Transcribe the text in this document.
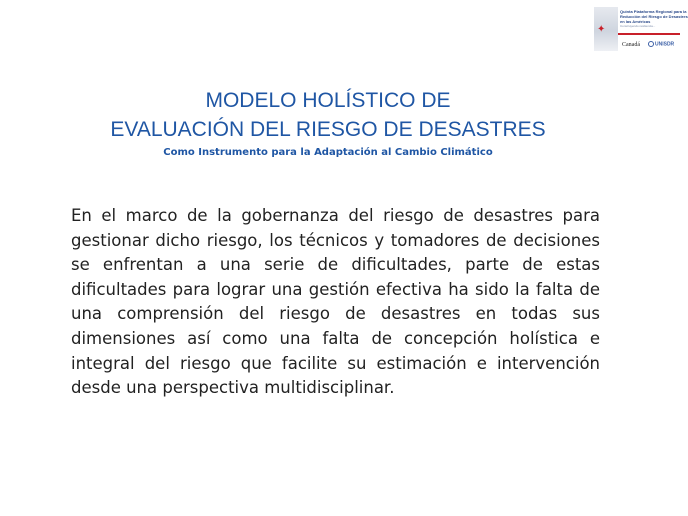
✦
Quinta Plataforma Regional para la
Reducción del Riesgo de Desastres
en las Américas
Construyendo resiliencia...
Canadá	UNISDR
MODELO HOLÍSTICO DE
EVALUACIÓN DEL RIESGO DE DESASTRES
Como Instrumento para la Adaptación al Cambio Climático

En el marco de la gobernanza del riesgo de desastres para gestionar dicho riesgo, los técnicos y tomadores de decisiones se enfrentan a una serie de dificultades, parte de estas dificultades para lograr una gestión efectiva ha sido la falta de una comprensión del riesgo de desastres en todas sus dimensiones así como una falta de concepción holística e integral del riesgo que facilite su estimación e intervención desde una perspectiva multidisciplinar.
